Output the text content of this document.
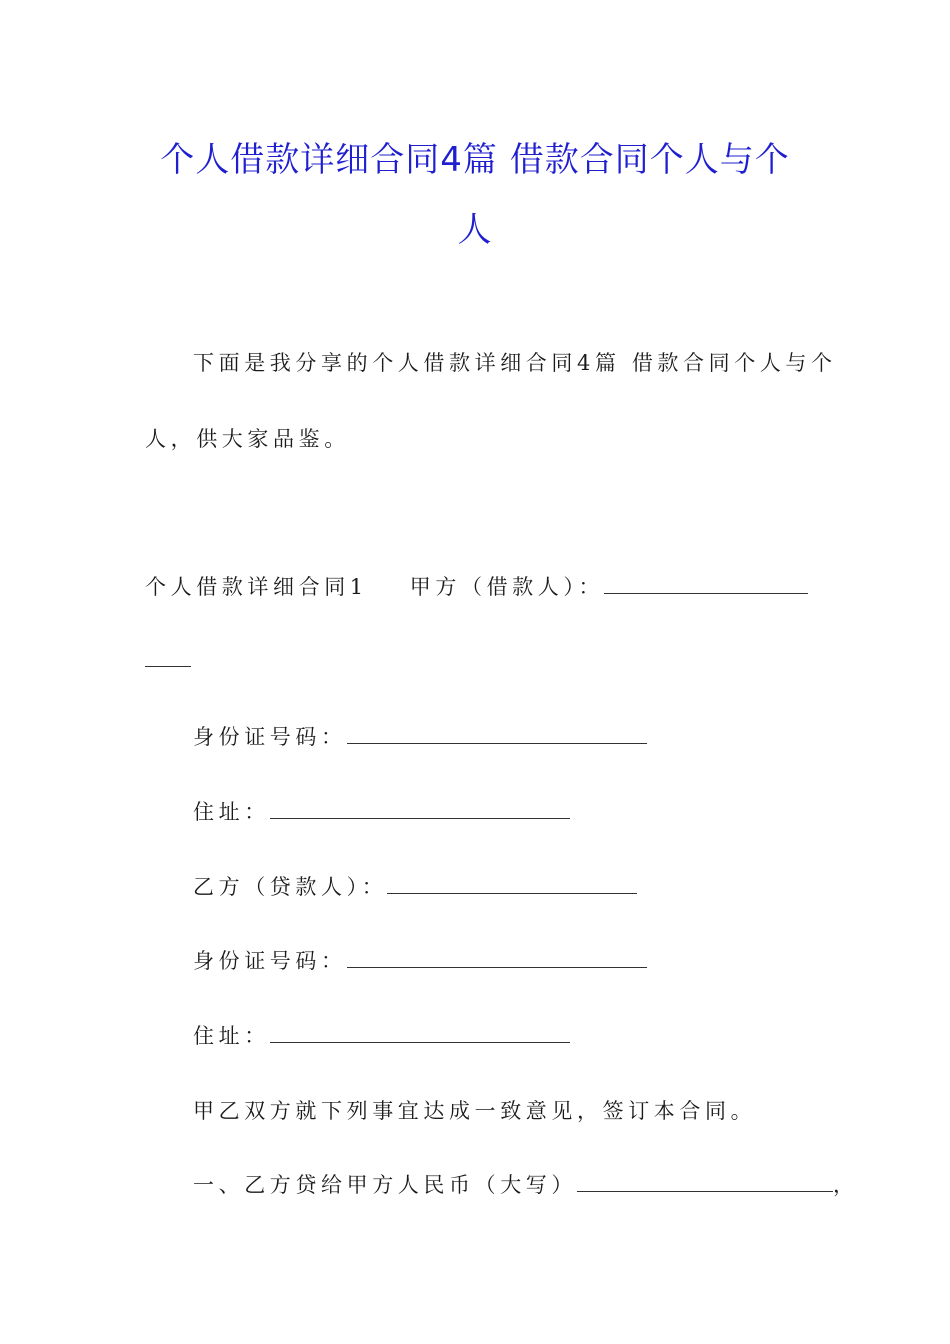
个人借款详细合同4篇 借款合同个人与个
人

下面是我分享的个人借款详细合同4篇 借款合同个人与个

人，供大家品鉴。

个人借款详细合同1 甲方（借款人）：

身份证号码：

住址：

乙方（贷款人）：

身份证号码：

住址：

甲乙双方就下列事宜达成一致意见，签订本合同。

一、乙方贷给甲方人民币（大写）	，
